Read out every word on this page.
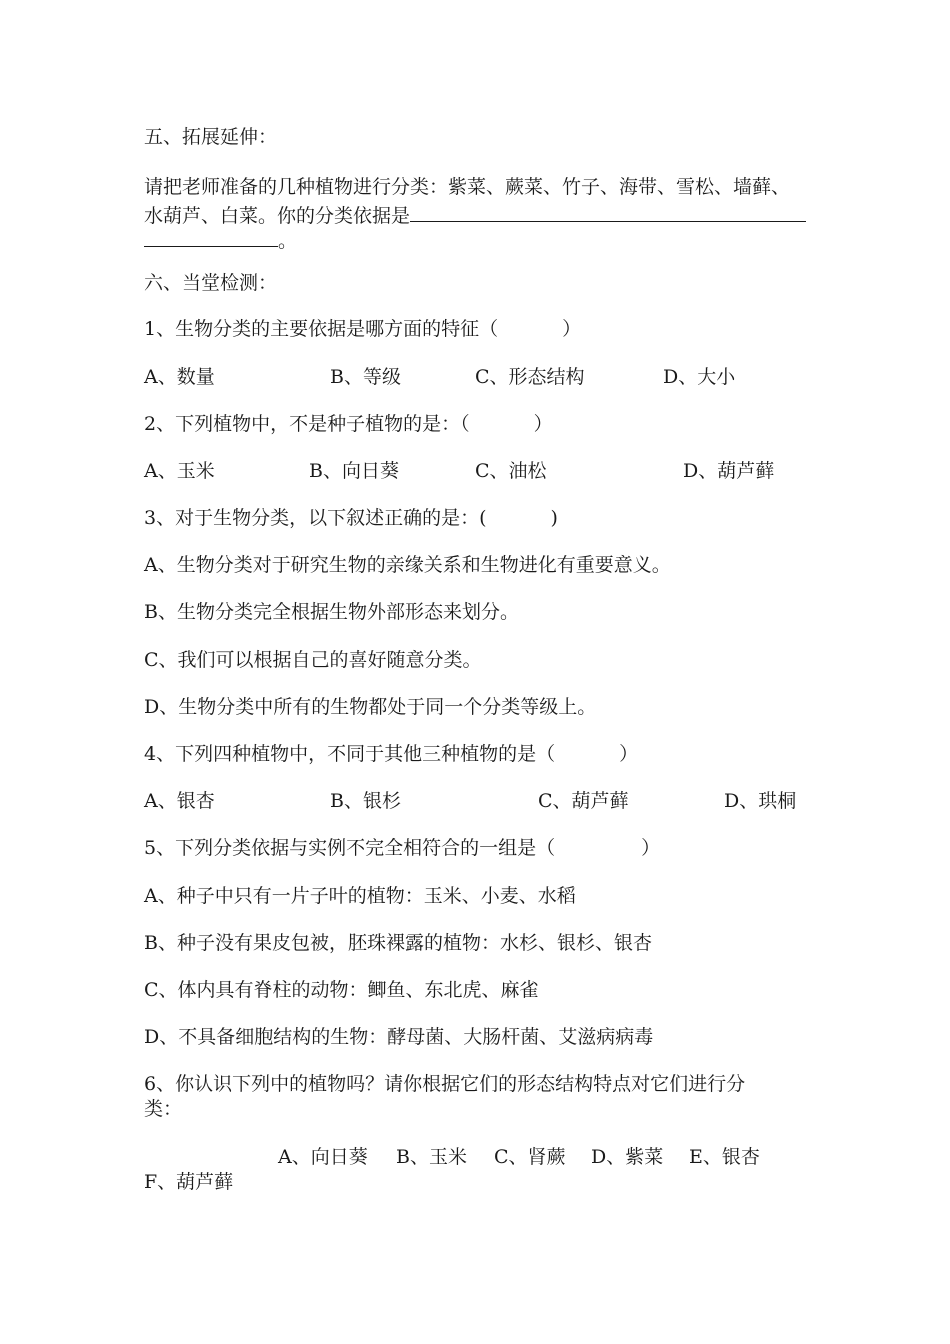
五、拓展延伸：
请把老师准备的几种植物进行分类：紫菜、蕨菜、竹子、海带、雪松、墙藓、
水葫芦、白菜。你的分类依据是
。
六、当堂检测：
1、生物分类的主要依据是哪方面的特征（	）
A、数量	B、等级	C、形态结构	D、大小
2、下列植物中，不是种子植物的是：（	）
A、玉米	B、向日葵	C、油松	D、葫芦藓
3、对于生物分类，以下叙述正确的是：(	)
A、生物分类对于研究生物的亲缘关系和生物进化有重要意义。
B、生物分类完全根据生物外部形态来划分。
C、我们可以根据自己的喜好随意分类。
D、生物分类中所有的生物都处于同一个分类等级上。
4、下列四种植物中，不同于其他三种植物的是（	）
A、银杏	B、银杉	C、葫芦藓	D、珙桐
5、下列分类依据与实例不完全相符合的一组是（	）
A、种子中只有一片子叶的植物：玉米、小麦、水稻
B、种子没有果皮包被，胚珠裸露的植物：水杉、银杉、银杏
C、体内具有脊柱的动物：鲫鱼、东北虎、麻雀
D、不具备细胞结构的生物：酵母菌、大肠杆菌、艾滋病病毒
6、你认识下列中的植物吗？请你根据它们的形态结构特点对它们进行分
类：
A、向日葵 B、玉米 C、肾蕨 D、紫菜 E、银杏
F、葫芦藓
